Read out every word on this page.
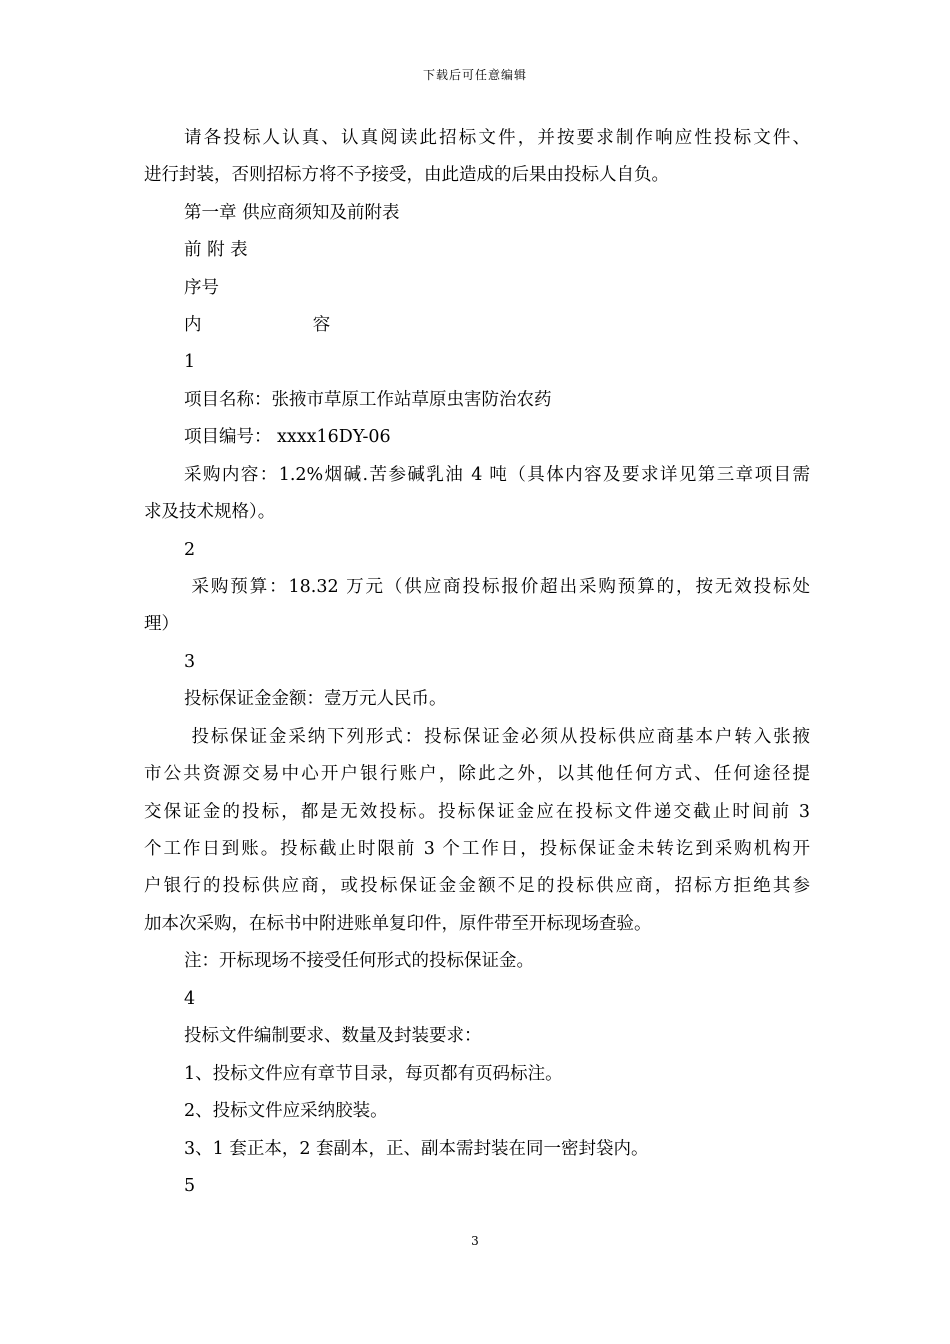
下载后可任意编辑
请各投标人认真、认真阅读此招标文件，并按要求制作响应性投标文件、
进行封装，否则招标方将不予接受，由此造成的后果由投标人自负。
第一章 供应商须知及前附表
前 附 表
序号
内                    容
1
项目名称：张掖市草原工作站草原虫害防治农药
项目编号： xxxx16DY-06
采购内容：1.2%烟碱.苦参碱乳油 4 吨（具体内容及要求详见第三章项目需
求及技术规格）。
2
采购预算：18.32 万元（供应商投标报价超出采购预算的，按无效投标处
理）
3
投标保证金金额：壹万元人民币。
投标保证金采纳下列形式：投标保证金必须从投标供应商基本户转入张掖
市公共资源交易中心开户银行账户，除此之外，以其他任何方式、任何途径提
交保证金的投标，都是无效投标。投标保证金应在投标文件递交截止时间前 3
个工作日到账。投标截止时限前 3 个工作日，投标保证金未转讫到采购机构开
户银行的投标供应商，或投标保证金金额不足的投标供应商，招标方拒绝其参
加本次采购，在标书中附进账单复印件，原件带至开标现场查验。
注：开标现场不接受任何形式的投标保证金。
4
投标文件编制要求、数量及封装要求：
1、投标文件应有章节目录，每页都有页码标注。
2、投标文件应采纳胶装。
3、1 套正本，2 套副本，正、副本需封装在同一密封袋内。
5
3
